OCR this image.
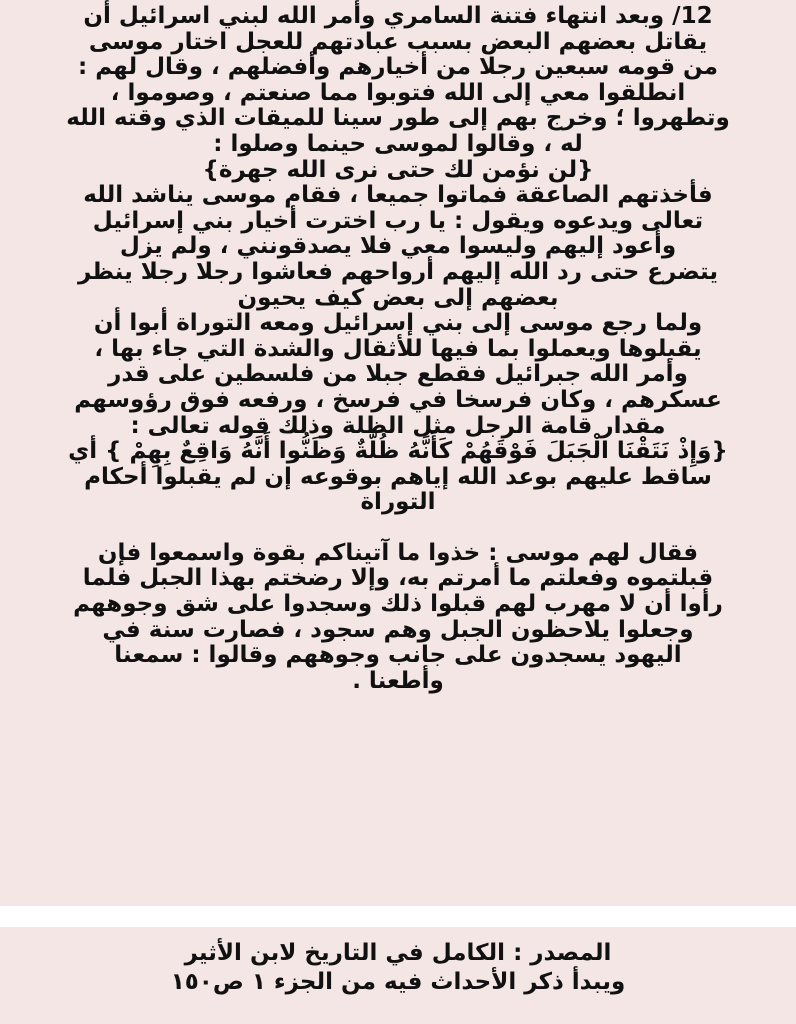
12/ وبعد انتهاء فتنة السامري وأمر الله لبني اسرائيل أن
يقاتل بعضهم البعض بسبب عبادتهم للعجل اختار موسى
من قومه سبعين رجلا من أخيارهم وأفضلهم ، وقال لهم :
انطلقوا معي إلى الله فتوبوا مما صنعتم ، وصوموا ،
وتطهروا ؛ وخرج بهم إلى طور سينا للميقات الذي وقته الله
له ، وقالوا لموسى حينما وصلوا :
{لن نؤمن لك حتى نرى الله جهرة}
فأخذتهم الصاعقة فماتوا جميعا ، فقام موسى يناشد الله
تعالى ويدعوه ويقول : يا رب اخترت أخيار بني إسرائيل
وأعود إليهم وليسوا معي فلا يصدقونني ، ولم يزل
يتضرع حتى رد الله إليهم أرواحهم فعاشوا رجلا رجلا ينظر
بعضهم إلى بعض كيف يحيون

ولما رجع موسى إلى بني إسرائيل ومعه التوراة أبوا أن
يقبلوها ويعملوا بما فيها للأثقال والشدة التي جاء بها ،
وأمر الله جبرائيل فقطع جبلا من فلسطين على قدر
عسكرهم ، وكان فرسخا في فرسخ ، ورفعه فوق رؤوسهم
مقدار قامة الرجل مثل الظلة وذلك قوله تعالى :
{وَإِذْ نَتَقْنَا الْجَبَلَ فَوْقَهُمْ كَأَنَّهُ ظُلَّةٌ وَظَنُّوا أَنَّهُ وَاقِعٌ بِهِمْ } أي
ساقط عليهم بوعد الله إياهم بوقوعه إن لم يقبلوا أحكام
التوراة

فقال لهم موسى : خذوا ما آتيناكم بقوة واسمعوا فإن
قبلتموه وفعلتم ما أمرتم به، وإلا رضختم بهذا الجبل فلما
رأوا أن لا مهرب لهم قبلوا ذلك وسجدوا على شق وجوههم
وجعلوا يلاحظون الجبل وهم سجود ، فصارت سنة في
اليهود يسجدون على جانب وجوههم وقالوا : سمعنا
وأطعنا .

المصدر : الكامل في التاريخ لابن الأثير

ويبدأ ذكر الأحداث فيه من الجزء ١ ص١٥٠
